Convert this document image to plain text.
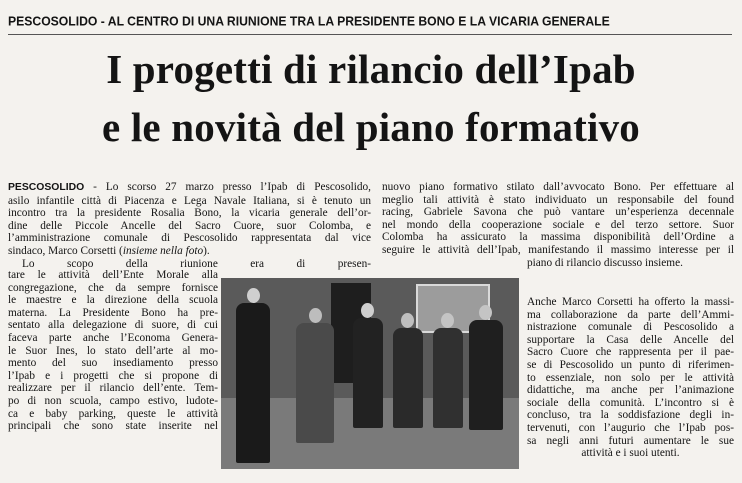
PESCOSOLIDO - AL CENTRO DI UNA RIUNIONE TRA LA PRESIDENTE BONO E LA VICARIA GENERALE
I progetti di rilancio dell’Ipab
e le novità del piano formativo
PESCOSOLIDO - Lo scorso 27 marzo presso l’Ipab di Pescosolido,
asilo infantile città di Piacenza e Lega Navale Italiana, si è tenuto un
incontro tra la presidente Rosalia Bono, la vicaria generale dell’or-
dine delle Piccole Ancelle del Sacro Cuore, suor Colomba, e
l’amministrazione comunale di Pescosolido rappresentata dal vice
sindaco, Marco Corsetti (insieme nella foto).
Lo scopo della riunione era di presen-
tare le attività dell’Ente Morale alla
congregazione, che da sempre fornisce
le maestre e la direzione della scuola
materna. La Presidente Bono ha pre-
sentato alla delegazione di suore, di cui
faceva parte anche l’Economa Genera-
le Suor Ines, lo stato dell’arte al mo-
mento del suo insediamento presso
l’Ipab e i progetti che si propone di
realizzare per il rilancio dell’ente. Tem-
po di non scuola, campo estivo, ludote-
ca e baby parking, queste le attività
principali che sono state inserite nel
nuovo piano formativo stilato dall’avvocato Bono. Per effettuare al
meglio tali attività è stato individuato un responsabile del found
racing, Gabriele Savona che può vantare un’esperienza decennale
nel mondo della cooperazione sociale e del terzo settore. Suor
Colomba ha assicurato la massima disponibilità dell’Ordine a
seguire le attività dell’Ipab, manifestando il massimo interesse per il
piano di rilancio discusso insieme.
Anche Marco Corsetti ha offerto la massi-
ma collaborazione da parte dell’Ammi-
nistrazione comunale di Pescosolido a
supportare la Casa delle Ancelle del
Sacro Cuore che rappresenta per il pae-
se di Pescosolido un punto di riferimen-
to essenziale, non solo per le attività
didattiche, ma anche per l’animazione
sociale della comunità. L’incontro si è
concluso, tra la soddisfazione degli in-
tervenuti, con l’augurio che l’Ipab pos-
sa negli anni futuri aumentare le sue
attività e i suoi utenti.
